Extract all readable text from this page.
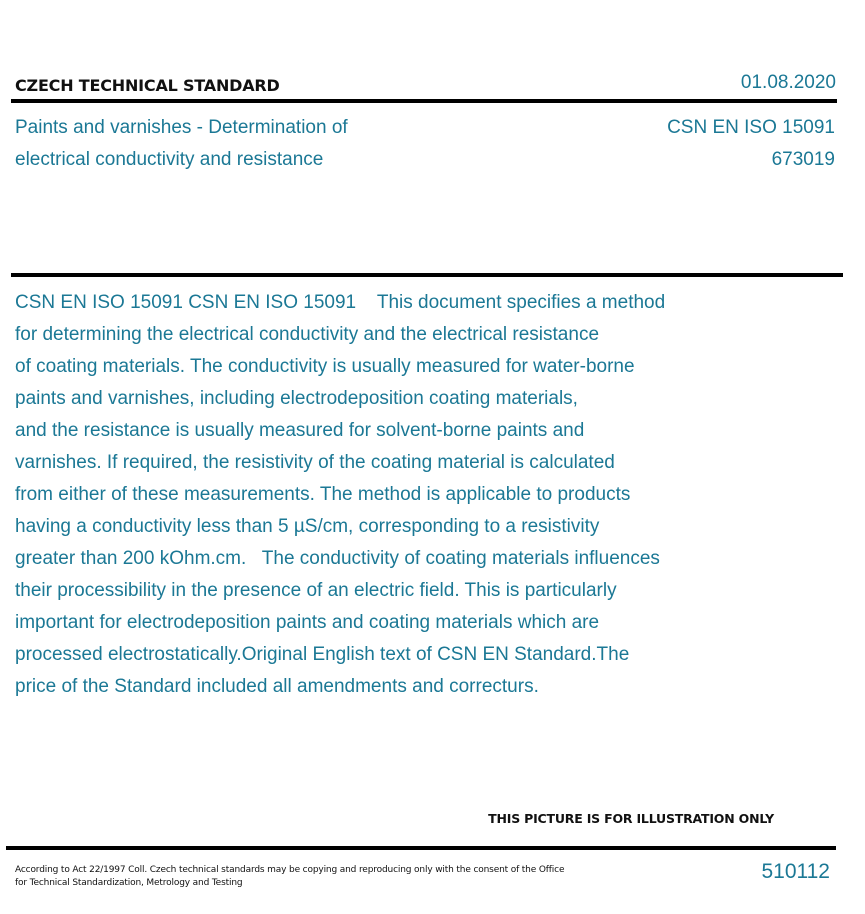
CZECH TECHNICAL STANDARD	01.08.2020
Paints and varnishes - Determination of
electrical conductivity and resistance
CSN EN ISO 15091
673019
CSN EN ISO 15091 CSN EN ISO 15091    This document specifies a method
for determining the electrical conductivity and the electrical resistance
of coating materials. The conductivity is usually measured for water-borne
paints and varnishes, including electrodeposition coating materials,
and the resistance is usually measured for solvent-borne paints and
varnishes. If required, the resistivity of the coating material is calculated
from either of these measurements. The method is applicable to products
having a conductivity less than 5 µS/cm, corresponding to a resistivity
greater than 200 kOhm.cm.   The conductivity of coating materials influences
their processibility in the presence of an electric field. This is particularly
important for electrodeposition paints and coating materials which are
processed electrostatically.Original English text of CSN EN Standard.The
price of the Standard included all amendments and correcturs.
THIS PICTURE IS FOR ILLUSTRATION ONLY
According to Act 22/1997 Coll. Czech technical standards may be copying and reproducing only with the consent of the Office
for Technical Standardization, Metrology and Testing	510112
